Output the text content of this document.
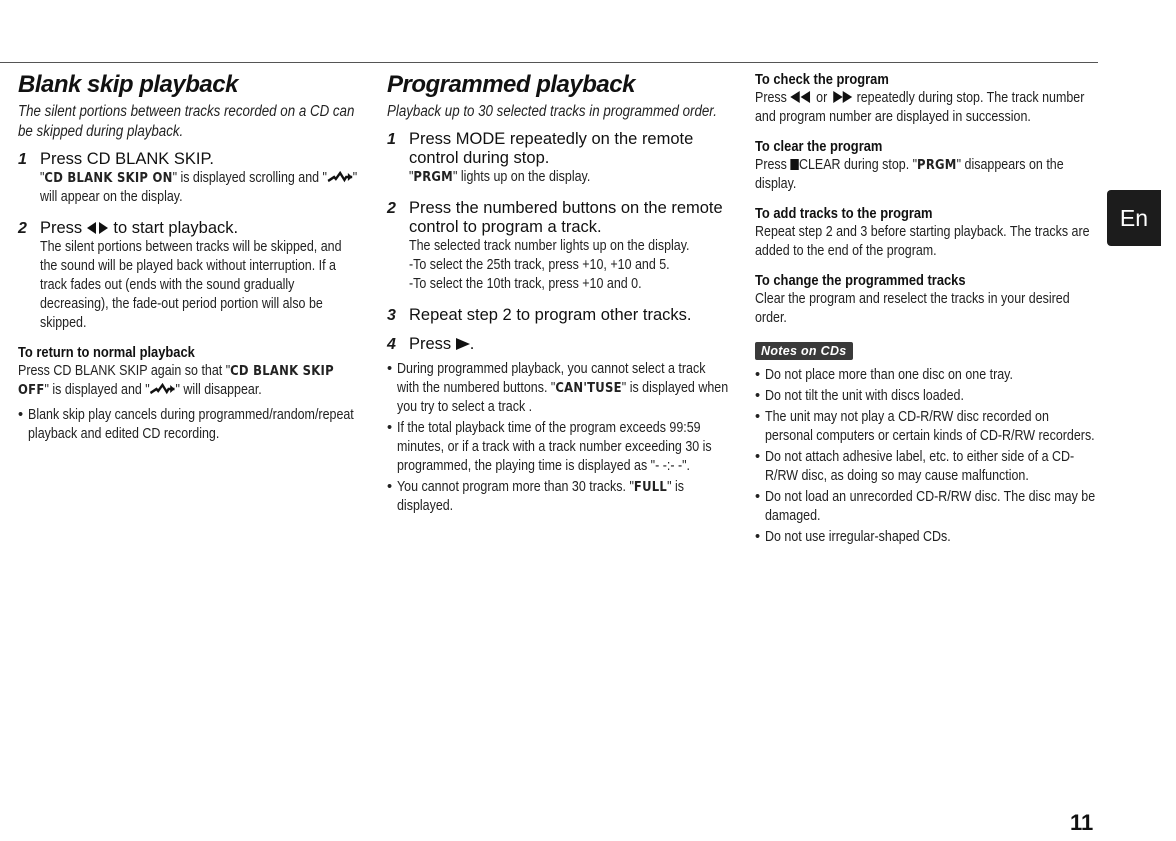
Blank skip playback
The silent portions between tracks recorded on a CD can be skipped during playback.
1 Press CD BLANK SKIP.
"CD BLANK SKIP ON" is displayed scrolling and " " will appear on the display.
2 Press to start playback.
The silent portions between tracks will be skipped, and the sound will be played back without interruption. If a track fades out (ends with the sound gradually decreasing), the fade-out period portion will also be skipped.
To return to normal playback

Press CD BLANK SKIP again so that "CD BLANK SKIP OFF" is displayed and " " will disappear.

• Blank skip play cancels during programmed/random/repeat playback and edited CD recording.
Programmed playback
Playback up to 30 selected tracks in programmed order.
1 Press MODE repeatedly on the remote control during stop.
"PRGM" lights up on the display.
2 Press the numbered buttons on the remote control to program a track.
The selected track number lights up on the display.
-To select the 25th track, press +10, +10 and 5.
-To select the 10th track, press +10 and 0.
3 Repeat step 2 to program other tracks.
4 Press .
• During programmed playback, you cannot select a track with the numbered buttons. "CAN'TUSE" is displayed when you try to select a track .
• If the total playback time of the program exceeds 99:59 minutes, or if a track with a track number exceeding 30 is programmed, the playing time is displayed as "- -:- -".
• You cannot program more than 30 tracks. "FULL" is displayed.
To check the program

Press or repeatedly during stop. The track number and program number are displayed in succession.

To clear the program

Press CLEAR during stop. "PRGM" disappears on the display.

To add tracks to the program

Repeat step 2 and 3 before starting playback. The tracks are added to the end of the program.

To change the programmed tracks

Clear the program and reselect the tracks in your desired order.

Notes on CDs
• Do not place more than one disc on one tray.
• Do not tilt the unit with discs loaded.
• The unit may not play a CD-R/RW disc recorded on personal computers or certain kinds of CD-R/RW recorders.
• Do not attach adhesive label, etc. to either side of a CD-R/RW disc, as doing so may cause malfunction.
• Do not load an unrecorded CD-R/RW disc. The disc may be damaged.
• Do not use irregular-shaped CDs.
En
11
